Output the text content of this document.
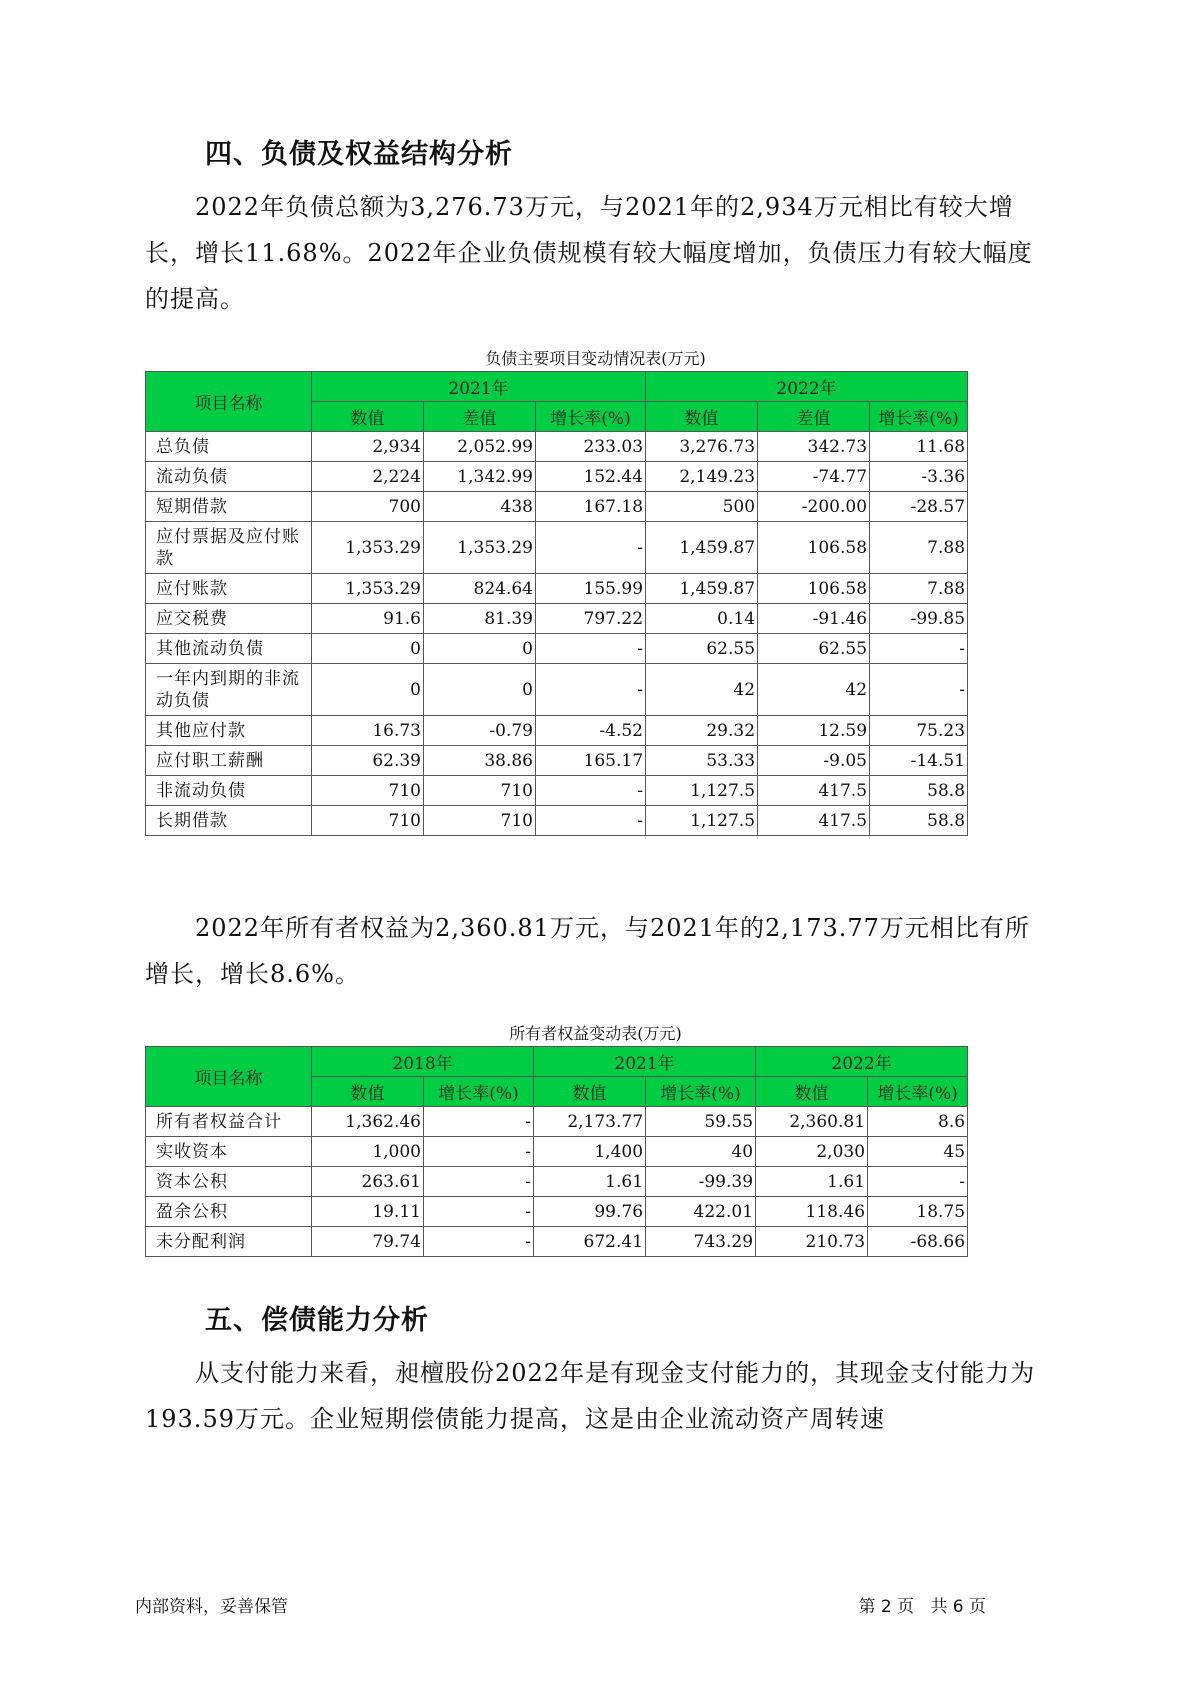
四、负债及权益结构分析

2022年负债总额为3,276.73万元，与2021年的2,934万元相比有较大增长，增长11.68%。2022年企业负债规模有较大幅度增加，负债压力有较大幅度的提高。

负债主要项目变动情况表(万元)

项目名称	2021年			2022年		
	数值	差值	增长率(%)	数值	差值	增长率(%)
总负债	2,934	2,052.99	233.03	3,276.73	342.73	11.68
流动负债	2,224	1,342.99	152.44	2,149.23	-74.77	-3.36
短期借款	700	438	167.18	500	-200.00	-28.57
应付票据及应付账款	1,353.29	1,353.29	-	1,459.87	106.58	7.88
应付账款	1,353.29	824.64	155.99	1,459.87	106.58	7.88
应交税费	91.6	81.39	797.22	0.14	-91.46	-99.85
其他流动负债	0	0	-	62.55	62.55	-
一年内到期的非流动负债	0	0	-	42	42	-
其他应付款	16.73	-0.79	-4.52	29.32	12.59	75.23
应付职工薪酬	62.39	38.86	165.17	53.33	-9.05	-14.51
非流动负债	710	710	-	1,127.5	417.5	58.8
长期借款	710	710	-	1,127.5	417.5	58.8

2022年所有者权益为2,360.81万元，与2021年的2,173.77万元相比有所增长，增长8.6%。

所有者权益变动表(万元)

项目名称	2018年		2021年		2022年	
	数值	增长率(%)	数值	增长率(%)	数值	增长率(%)
所有者权益合计	1,362.46	-	2,173.77	59.55	2,360.81	8.6
实收资本	1,000	-	1,400	40	2,030	45
资本公积	263.61	-	1.61	-99.39	1.61	-
盈余公积	19.11	-	99.76	422.01	118.46	18.75
未分配利润	79.74	-	672.41	743.29	210.73	-68.66
五、偿债能力分析

从支付能力来看，昶檀股份2022年是有现金支付能力的，其现金支付能力为193.59万元。企业短期偿债能力提高，这是由企业流动资产周转速

内部资料，妥善保管	第 2 页   共 6 页
